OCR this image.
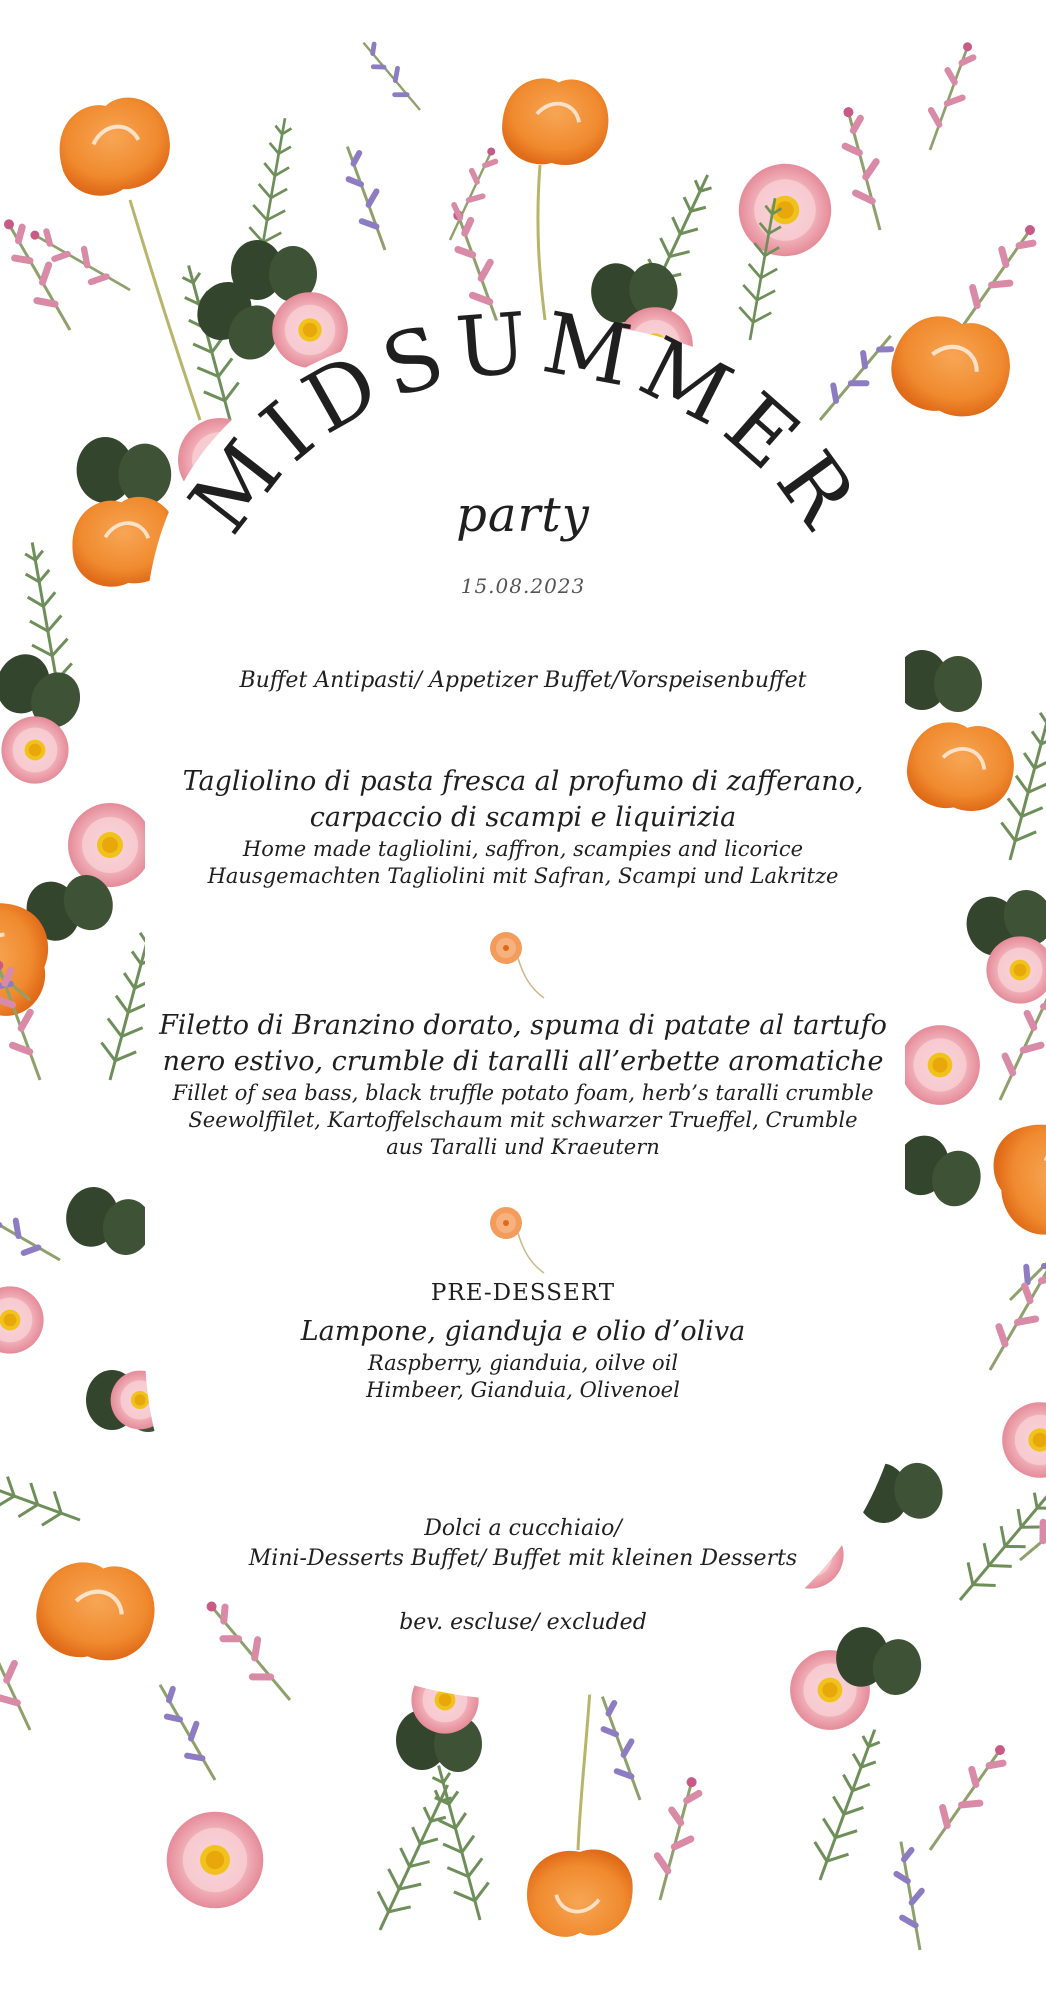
MIDSUMMER

party

15.08.2023

Buffet Antipasti/ Appetizer Buffet/Vorspeisenbuffet

Tagliolino di pasta fresca al profumo di zafferano,

carpaccio di scampi e liquirizia

Home made tagliolini, saffron, scampies and licorice

Hausgemachten Tagliolini mit Safran, Scampi und Lakritze

Filetto di Branzino dorato, spuma di patate al tartufo

nero estivo, crumble di taralli all’erbette aromatiche

Fillet of sea bass, black truffle potato foam, herb’s taralli crumble

Seewolffilet, Kartoffelschaum mit schwarzer Trueffel, Crumble

aus Taralli und Kraeutern

PRE-DESSERT

Lampone, gianduja e olio d’oliva

Raspberry, gianduia, oilve oil

Himbeer, Gianduia, Olivenoel

Dolci a cucchiaio/

Mini-Desserts Buffet/ Buffet mit kleinen Desserts

bev. escluse/ excluded
